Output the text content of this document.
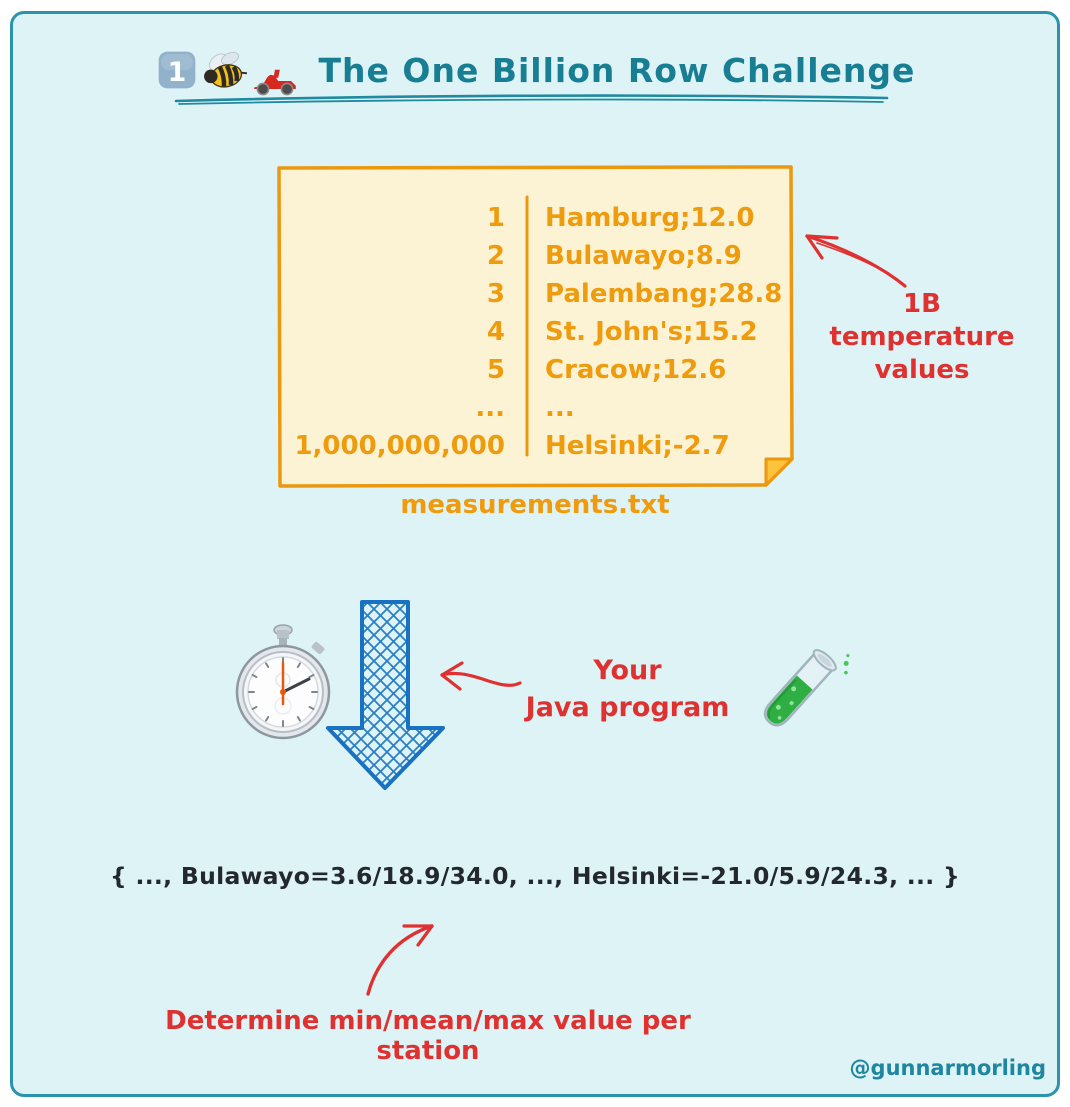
1	The One Billion Row Challenge
1	Hamburg;12.0
2	Bulawayo;8.9
3	Palembang;28.8
4	St. John's;15.2
5	Cracow;12.6
...	...
1,000,000,000	Helsinki;-2.7
measurements.txt
1B temperature values
Your
Java program
{ ..., Bulawayo=3.6/18.9/34.0, ..., Helsinki=-21.0/5.9/24.3, ... }
Determine min/mean/max value per station
@gunnarmorling
